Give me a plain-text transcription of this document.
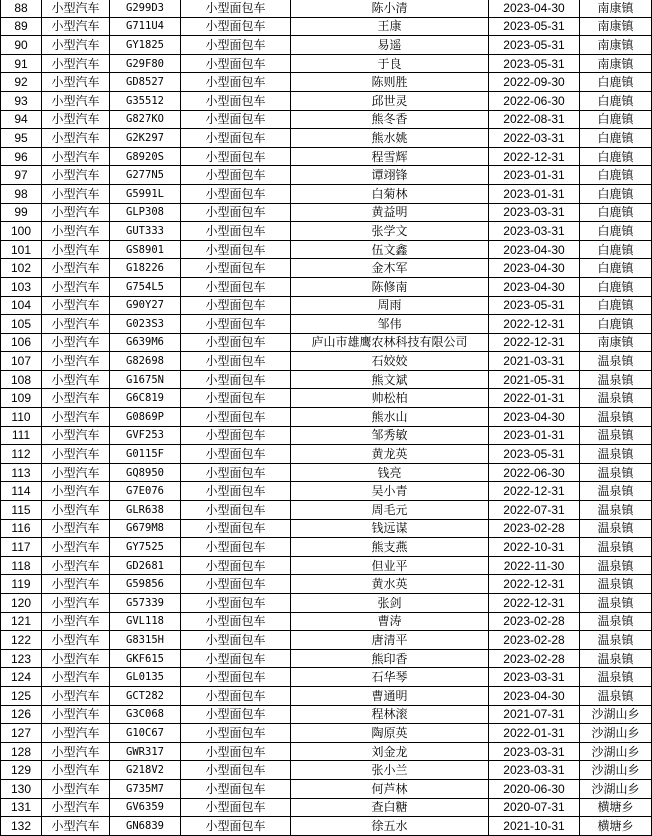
88	小型汽车	G299D3	小型面包车	陈小清	2023-04-30	南康镇
89	小型汽车	G711U4	小型面包车	王康	2023-05-31	南康镇
90	小型汽车	GY1825	小型面包车	易遥	2023-05-31	南康镇
91	小型汽车	G29F80	小型面包车	于良	2023-05-31	南康镇
92	小型汽车	GD8527	小型面包车	陈则胜	2022-09-30	白鹿镇
93	小型汽车	G35512	小型面包车	邱世灵	2022-06-30	白鹿镇
94	小型汽车	G827KO	小型面包车	熊冬香	2022-08-31	白鹿镇
95	小型汽车	G2K297	小型面包车	熊水姚	2022-03-31	白鹿镇
96	小型汽车	G8920S	小型面包车	程雪辉	2022-12-31	白鹿镇
97	小型汽车	G277N5	小型面包车	谭翊锋	2023-01-31	白鹿镇
98	小型汽车	G5991L	小型面包车	白菊林	2023-01-31	白鹿镇
99	小型汽车	GLP308	小型面包车	黄益明	2023-03-31	白鹿镇
100	小型汽车	GUT333	小型面包车	张学文	2023-03-31	白鹿镇
101	小型汽车	GS8901	小型面包车	伍文鑫	2023-04-30	白鹿镇
102	小型汽车	G18226	小型面包车	金木军	2023-04-30	白鹿镇
103	小型汽车	G754L5	小型面包车	陈修南	2023-04-30	白鹿镇
104	小型汽车	G90Y27	小型面包车	周雨	2023-05-31	白鹿镇
105	小型汽车	G023S3	小型面包车	邹伟	2022-12-31	白鹿镇
106	小型汽车	G639M6	小型面包车	庐山市雄鹰农林科技有限公司	2022-12-31	南康镇
107	小型汽车	G82698	小型面包车	石姣姣	2021-03-31	温泉镇
108	小型汽车	G1675N	小型面包车	熊文斌	2021-05-31	温泉镇
109	小型汽车	G6C819	小型面包车	帅松柏	2022-01-31	温泉镇
110	小型汽车	G0869P	小型面包车	熊水山	2023-04-30	温泉镇
111	小型汽车	GVF253	小型面包车	邹秀敏	2023-01-31	温泉镇
112	小型汽车	G0115F	小型面包车	黄龙英	2023-05-31	温泉镇
113	小型汽车	GQ8950	小型面包车	钱亮	2022-06-30	温泉镇
114	小型汽车	G7E076	小型面包车	吴小青	2022-12-31	温泉镇
115	小型汽车	GLR638	小型面包车	周毛元	2022-07-31	温泉镇
116	小型汽车	G679M8	小型面包车	钱远谋	2023-02-28	温泉镇
117	小型汽车	GY7525	小型面包车	熊支燕	2022-10-31	温泉镇
118	小型汽车	GD2681	小型面包车	但业平	2022-11-30	温泉镇
119	小型汽车	G59856	小型面包车	黄水英	2022-12-31	温泉镇
120	小型汽车	G57339	小型面包车	张剑	2022-12-31	温泉镇
121	小型汽车	GVL118	小型面包车	曹涛	2023-02-28	温泉镇
122	小型汽车	G8315H	小型面包车	唐清平	2023-02-28	温泉镇
123	小型汽车	GKF615	小型面包车	熊印香	2023-02-28	温泉镇
124	小型汽车	GL0135	小型面包车	石华琴	2023-03-31	温泉镇
125	小型汽车	GCT282	小型面包车	曹通明	2023-04-30	温泉镇
126	小型汽车	G3C068	小型面包车	程林滚	2021-07-31	沙湖山乡
127	小型汽车	G10C67	小型面包车	陶原英	2022-01-31	沙湖山乡
128	小型汽车	GWR317	小型面包车	刘金龙	2023-03-31	沙湖山乡
129	小型汽车	G218V2	小型面包车	张小兰	2023-03-31	沙湖山乡
130	小型汽车	G735M7	小型面包车	何芦林	2020-06-30	沙湖山乡
131	小型汽车	GV6359	小型面包车	查白糖	2020-07-31	横塘乡
132	小型汽车	GN6839	小型面包车	徐五水	2021-10-31	横塘乡
